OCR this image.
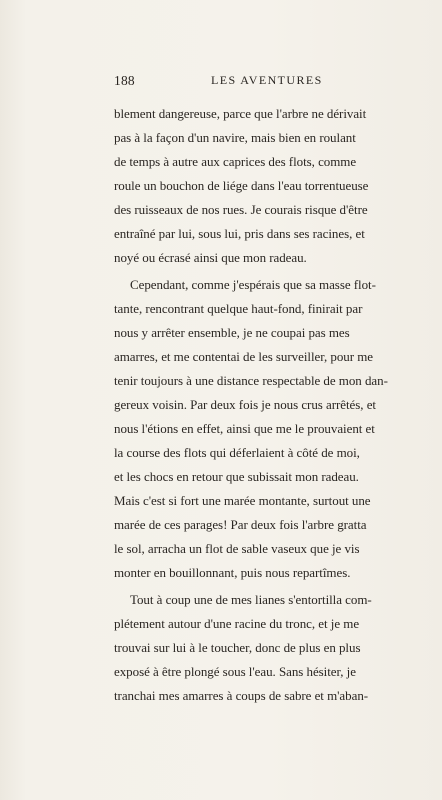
188	LES AVENTURES
blement dangereuse, parce que l'arbre ne dérivait
pas à la façon d'un navire, mais bien en roulant
de temps à autre aux caprices des flots, comme
roule un bouchon de liége dans l'eau torrentueuse
des ruisseaux de nos rues. Je courais risque d'être
entraîné par lui, sous lui, pris dans ses racines, et
noyé ou écrasé ainsi que mon radeau.
Cependant, comme j'espérais que sa masse flot-
tante, rencontrant quelque haut-fond, finirait par
nous y arrêter ensemble, je ne coupai pas mes
amarres, et me contentai de les surveiller, pour me
tenir toujours à une distance respectable de mon dan-
gereux voisin. Par deux fois je nous crus arrêtés, et
nous l'étions en effet, ainsi que me le prouvaient et
la course des flots qui déferlaient à côté de moi,
et les chocs en retour que subissait mon radeau.
Mais c'est si fort une marée montante, surtout une
marée de ces parages! Par deux fois l'arbre gratta
le sol, arracha un flot de sable vaseux que je vis
monter en bouillonnant, puis nous repartîmes.
Tout à coup une de mes lianes s'entortilla com-
plétement autour d'une racine du tronc, et je me
trouvai sur lui à le toucher, donc de plus en plus
exposé à être plongé sous l'eau. Sans hésiter, je
tranchai mes amarres à coups de sabre et m'aban-
